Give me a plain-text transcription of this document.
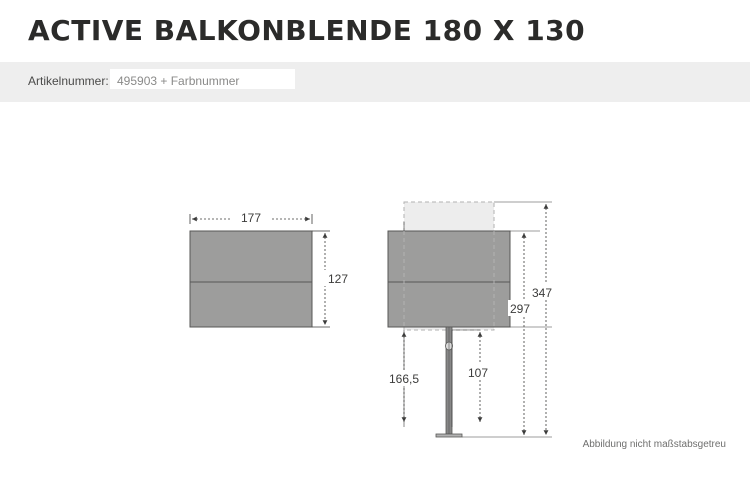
ACTIVE BALKONBLENDE 180 X 130
Artikelnummer: 495903 + Farbnummer
177
127
347
297
166,5	107
Abbildung nicht maßstabsgetreu
